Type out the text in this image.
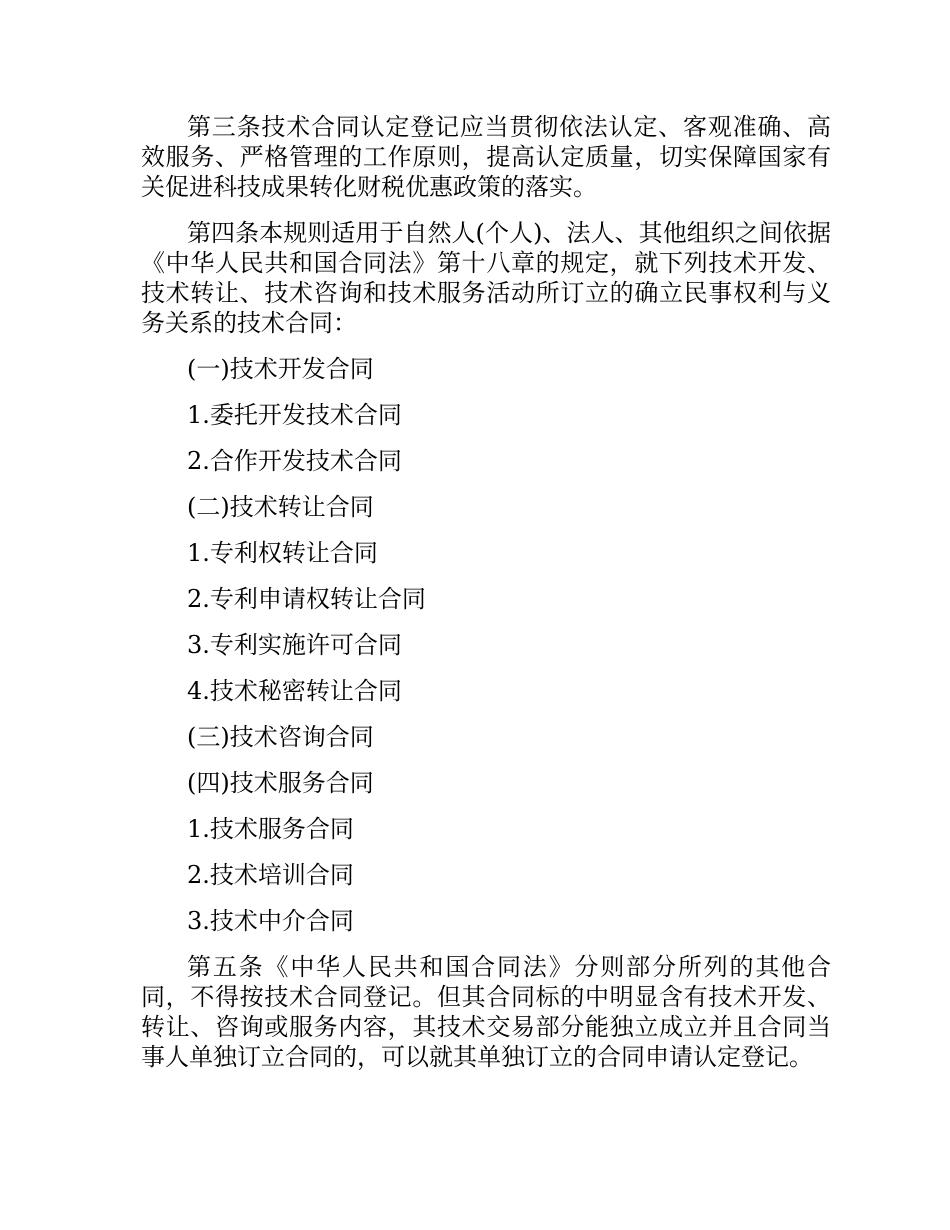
第三条技术合同认定登记应当贯彻依法认定、客观准确、高效服务、严格管理的工作原则，提高认定质量，切实保障国家有关促进科技成果转化财税优惠政策的落实。

第四条本规则适用于自然人(个人)、法人、其他组织之间依据《中华人民共和国合同法》第十八章的规定，就下列技术开发、技术转让、技术咨询和技术服务活动所订立的确立民事权利与义务关系的技术合同：

(一)技术开发合同

1.委托开发技术合同

2.合作开发技术合同

(二)技术转让合同

1.专利权转让合同

2.专利申请权转让合同

3.专利实施许可合同

4.技术秘密转让合同

(三)技术咨询合同

(四)技术服务合同

1.技术服务合同

2.技术培训合同

3.技术中介合同

第五条《中华人民共和国合同法》分则部分所列的其他合同，不得按技术合同登记。但其合同标的中明显含有技术开发、转让、咨询或服务内容，其技术交易部分能独立成立并且合同当事人单独订立合同的，可以就其单独订立的合同申请认定登记。
